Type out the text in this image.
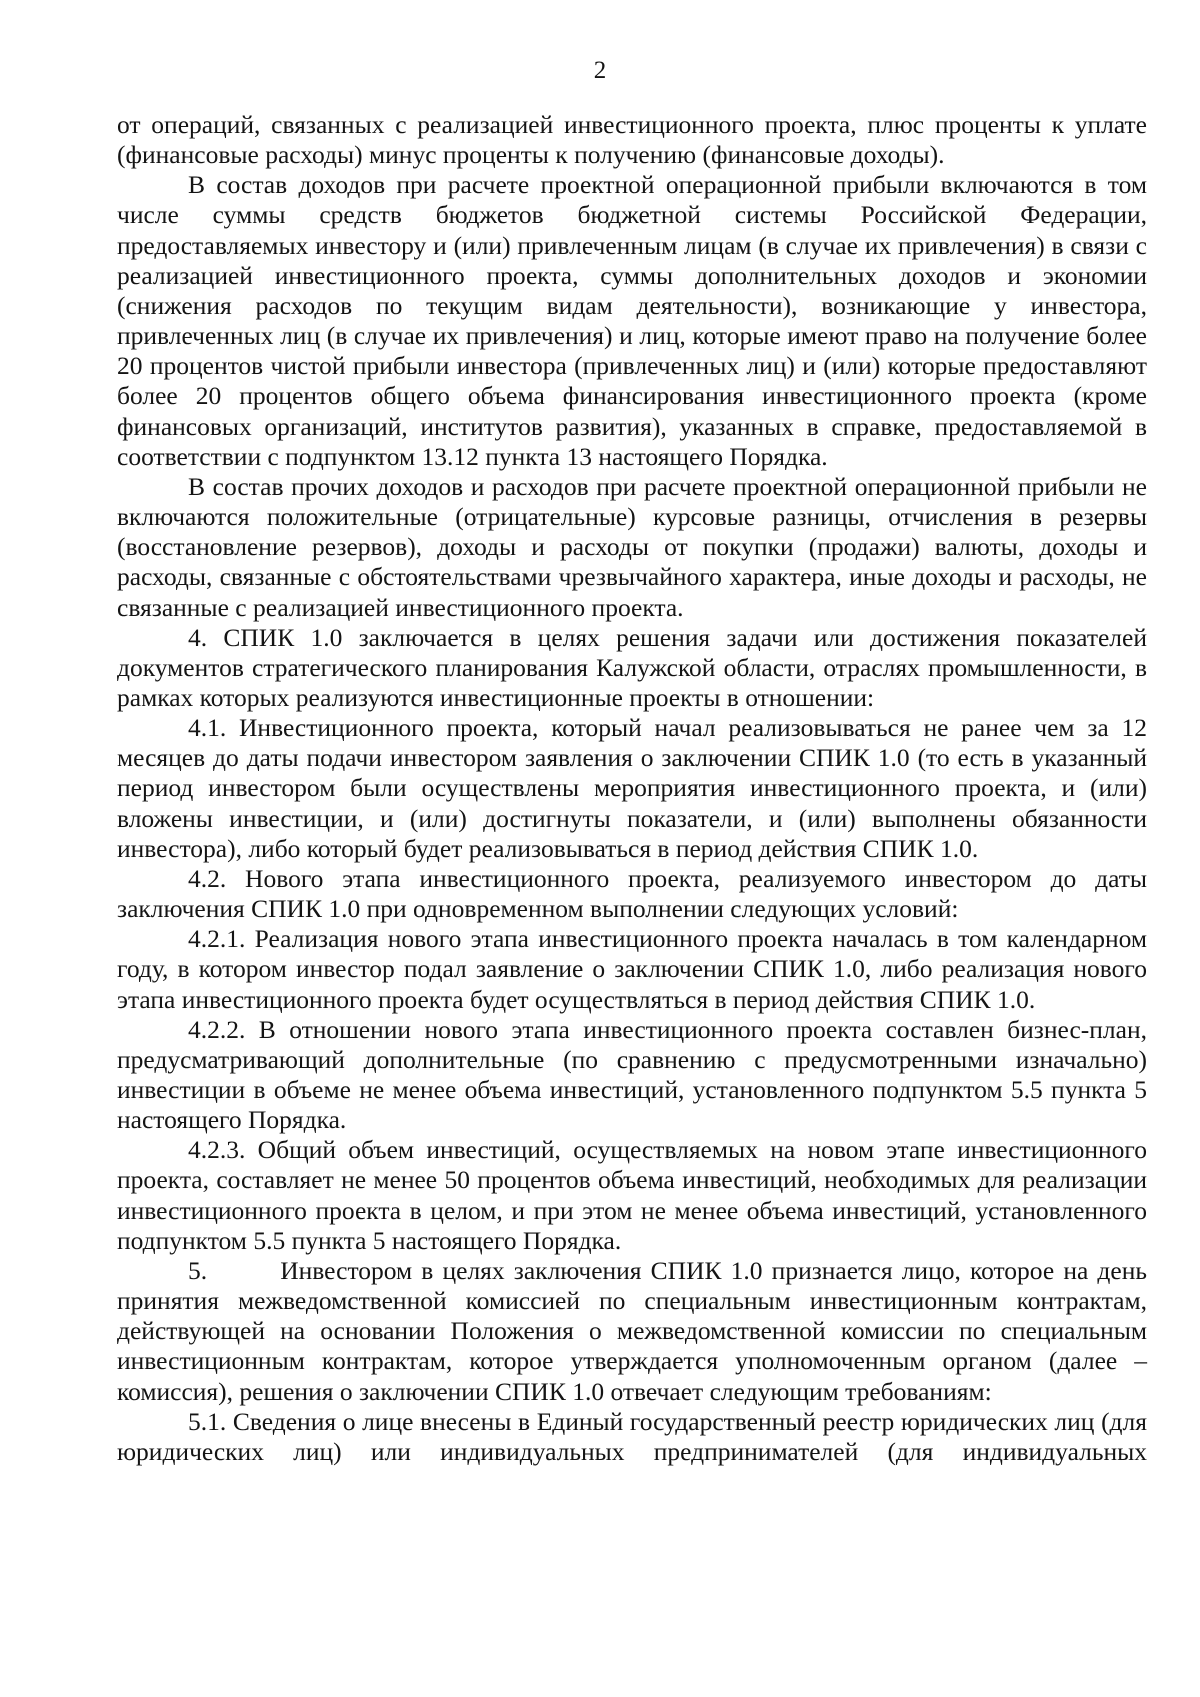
2

от операций, связанных с реализацией инвестиционного проекта, плюс проценты к уплате (финансовые расходы) минус проценты к получению (финансовые доходы).

В состав доходов при расчете проектной операционной прибыли включаются в том числе суммы средств бюджетов бюджетной системы Российской Федерации, предоставляемых инвестору и (или) привлеченным лицам (в случае их привлечения) в связи с реализацией инвестиционного проекта, суммы дополнительных доходов и экономии (снижения расходов по текущим видам деятельности), возникающие у инвестора, привлеченных лиц (в случае их привлечения) и лиц, которые имеют право на получение более 20 процентов чистой прибыли инвестора (привлеченных лиц) и (или) которые предоставляют более 20 процентов общего объема финансирования инвестиционного проекта (кроме финансовых организаций, институтов развития), указанных в справке, предоставляемой в соответствии с подпунктом 13.12 пункта 13 настоящего Порядка.

В состав прочих доходов и расходов при расчете проектной операционной прибыли не включаются положительные (отрицательные) курсовые разницы, отчисления в резервы (восстановление резервов), доходы и расходы от покупки (продажи) валюты, доходы и расходы, связанные с обстоятельствами чрезвычайного характера, иные доходы и расходы, не связанные с реализацией инвестиционного проекта.

4. СПИК 1.0 заключается в целях решения задачи или достижения показателей документов стратегического планирования Калужской области, отраслях промышленности, в рамках которых реализуются инвестиционные проекты в отношении:

4.1. Инвестиционного проекта, который начал реализовываться не ранее чем за 12 месяцев до даты подачи инвестором заявления о заключении СПИК 1.0 (то есть в указанный период инвестором были осуществлены мероприятия инвестиционного проекта, и (или) вложены инвестиции, и (или) достигнуты показатели, и (или) выполнены обязанности инвестора), либо который будет реализовываться в период действия СПИК 1.0.

4.2. Нового этапа инвестиционного проекта, реализуемого инвестором до даты заключения СПИК 1.0 при одновременном выполнении следующих условий:

4.2.1. Реализация нового этапа инвестиционного проекта началась в том календарном году, в котором инвестор подал заявление о заключении СПИК 1.0, либо реализация нового этапа инвестиционного проекта будет осуществляться в период действия СПИК 1.0.

4.2.2. В отношении нового этапа инвестиционного проекта составлен бизнес-план, предусматривающий дополнительные (по сравнению с предусмотренными изначально) инвестиции в объеме не менее объема инвестиций, установленного подпунктом 5.5 пункта 5 настоящего Порядка.

4.2.3. Общий объем инвестиций, осуществляемых на новом этапе инвестиционного проекта, составляет не менее 50 процентов объема инвестиций, необходимых для реализации инвестиционного проекта в целом, и при этом не менее объема инвестиций, установленного подпунктом 5.5 пункта 5 настоящего Порядка.

5.        Инвестором в целях заключения СПИК 1.0 признается лицо, которое на день принятия межведомственной комиссией по специальным инвестиционным контрактам, действующей на основании Положения о межведомственной комиссии по специальным инвестиционным контрактам, которое утверждается уполномоченным органом (далее – комиссия), решения о заключении СПИК 1.0 отвечает следующим требованиям:

5.1. Сведения о лице внесены в Единый государственный реестр юридических лиц (для юридических лиц) или индивидуальных предпринимателей (для индивидуальных
